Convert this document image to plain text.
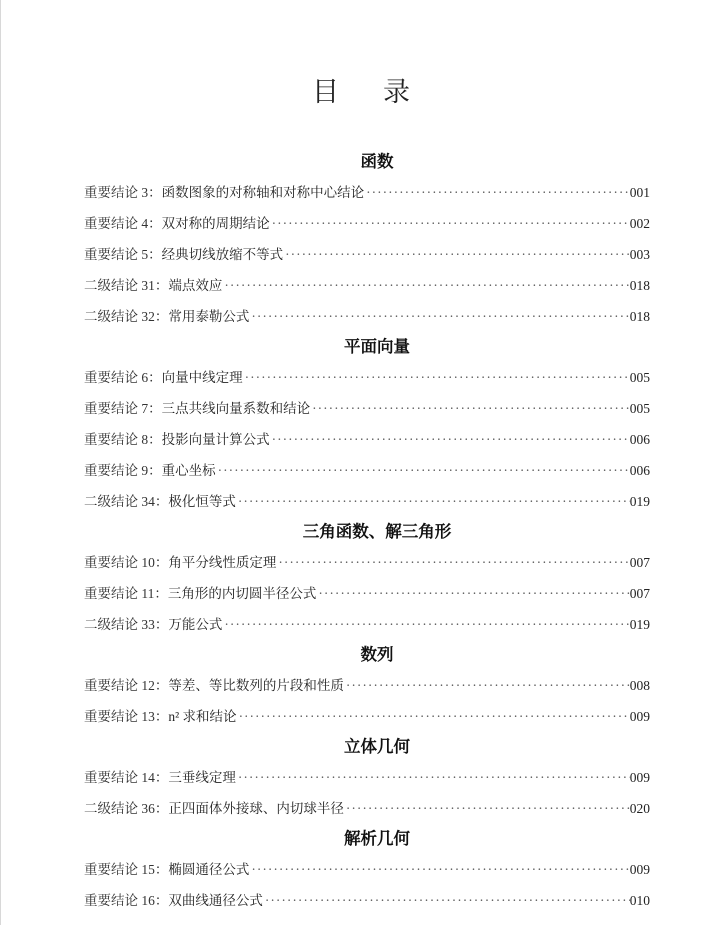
目 录
函数
重要结论 3： 函数图象的对称轴和对称中心结论 ·····	001
重要结论 4： 双对称的周期结论 ·····	002
重要结论 5： 经典切线放缩不等式 ·····	003
二级结论 31： 端点效应 ·····	018
二级结论 32： 常用泰勒公式 ·····	018
平面向量
重要结论 6： 向量中线定理 ·····	005
重要结论 7： 三点共线向量系数和结论 ·····	005
重要结论 8： 投影向量计算公式 ·····	006
重要结论 9： 重心坐标 ·····	006
二级结论 34： 极化恒等式 ·····	019
三角函数、解三角形
重要结论 10： 角平分线性质定理 ·····	007
重要结论 11： 三角形的内切圆半径公式 ·····	007
二级结论 33： 万能公式 ·····	019
数列
重要结论 12： 等差、等比数列的片段和性质 ·····	008
重要结论 13： n² 求和结论 ·····	009
立体几何
重要结论 14： 三垂线定理 ·····	009
二级结论 36： 正四面体外接球、内切球半径 ·····	020
解析几何
重要结论 15： 椭圆通径公式 ·····	009
重要结论 16： 双曲线通径公式 ·····	010
